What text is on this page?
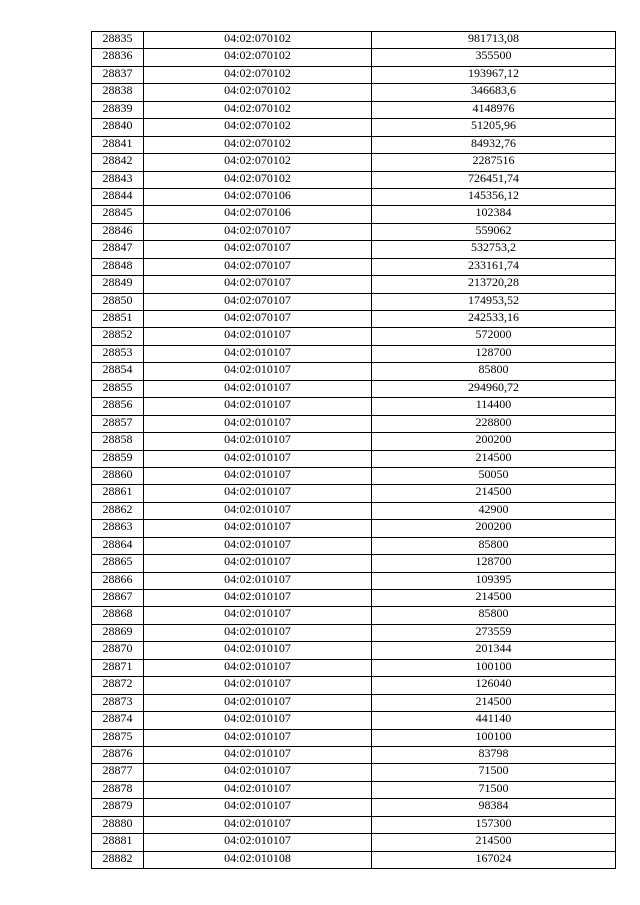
28835	04:02:070102	981713,08
28836	04:02:070102	355500
28837	04:02:070102	193967,12
28838	04:02:070102	346683,6
28839	04:02:070102	4148976
28840	04:02:070102	51205,96
28841	04:02:070102	84932,76
28842	04:02:070102	2287516
28843	04:02:070102	726451,74
28844	04:02:070106	145356,12
28845	04:02:070106	102384
28846	04:02:070107	559062
28847	04:02:070107	532753,2
28848	04:02:070107	233161,74
28849	04:02:070107	213720,28
28850	04:02:070107	174953,52
28851	04:02:070107	242533,16
28852	04:02:010107	572000
28853	04:02:010107	128700
28854	04:02:010107	85800
28855	04:02:010107	294960,72
28856	04:02:010107	114400
28857	04:02:010107	228800
28858	04:02:010107	200200
28859	04:02:010107	214500
28860	04:02:010107	50050
28861	04:02:010107	214500
28862	04:02:010107	42900
28863	04:02:010107	200200
28864	04:02:010107	85800
28865	04:02:010107	128700
28866	04:02:010107	109395
28867	04:02:010107	214500
28868	04:02:010107	85800
28869	04:02:010107	273559
28870	04:02:010107	201344
28871	04:02:010107	100100
28872	04:02:010107	126040
28873	04:02:010107	214500
28874	04:02:010107	441140
28875	04:02:010107	100100
28876	04:02:010107	83798
28877	04:02:010107	71500
28878	04:02:010107	71500
28879	04:02:010107	98384
28880	04:02:010107	157300
28881	04:02:010107	214500
28882	04:02:010108	167024
